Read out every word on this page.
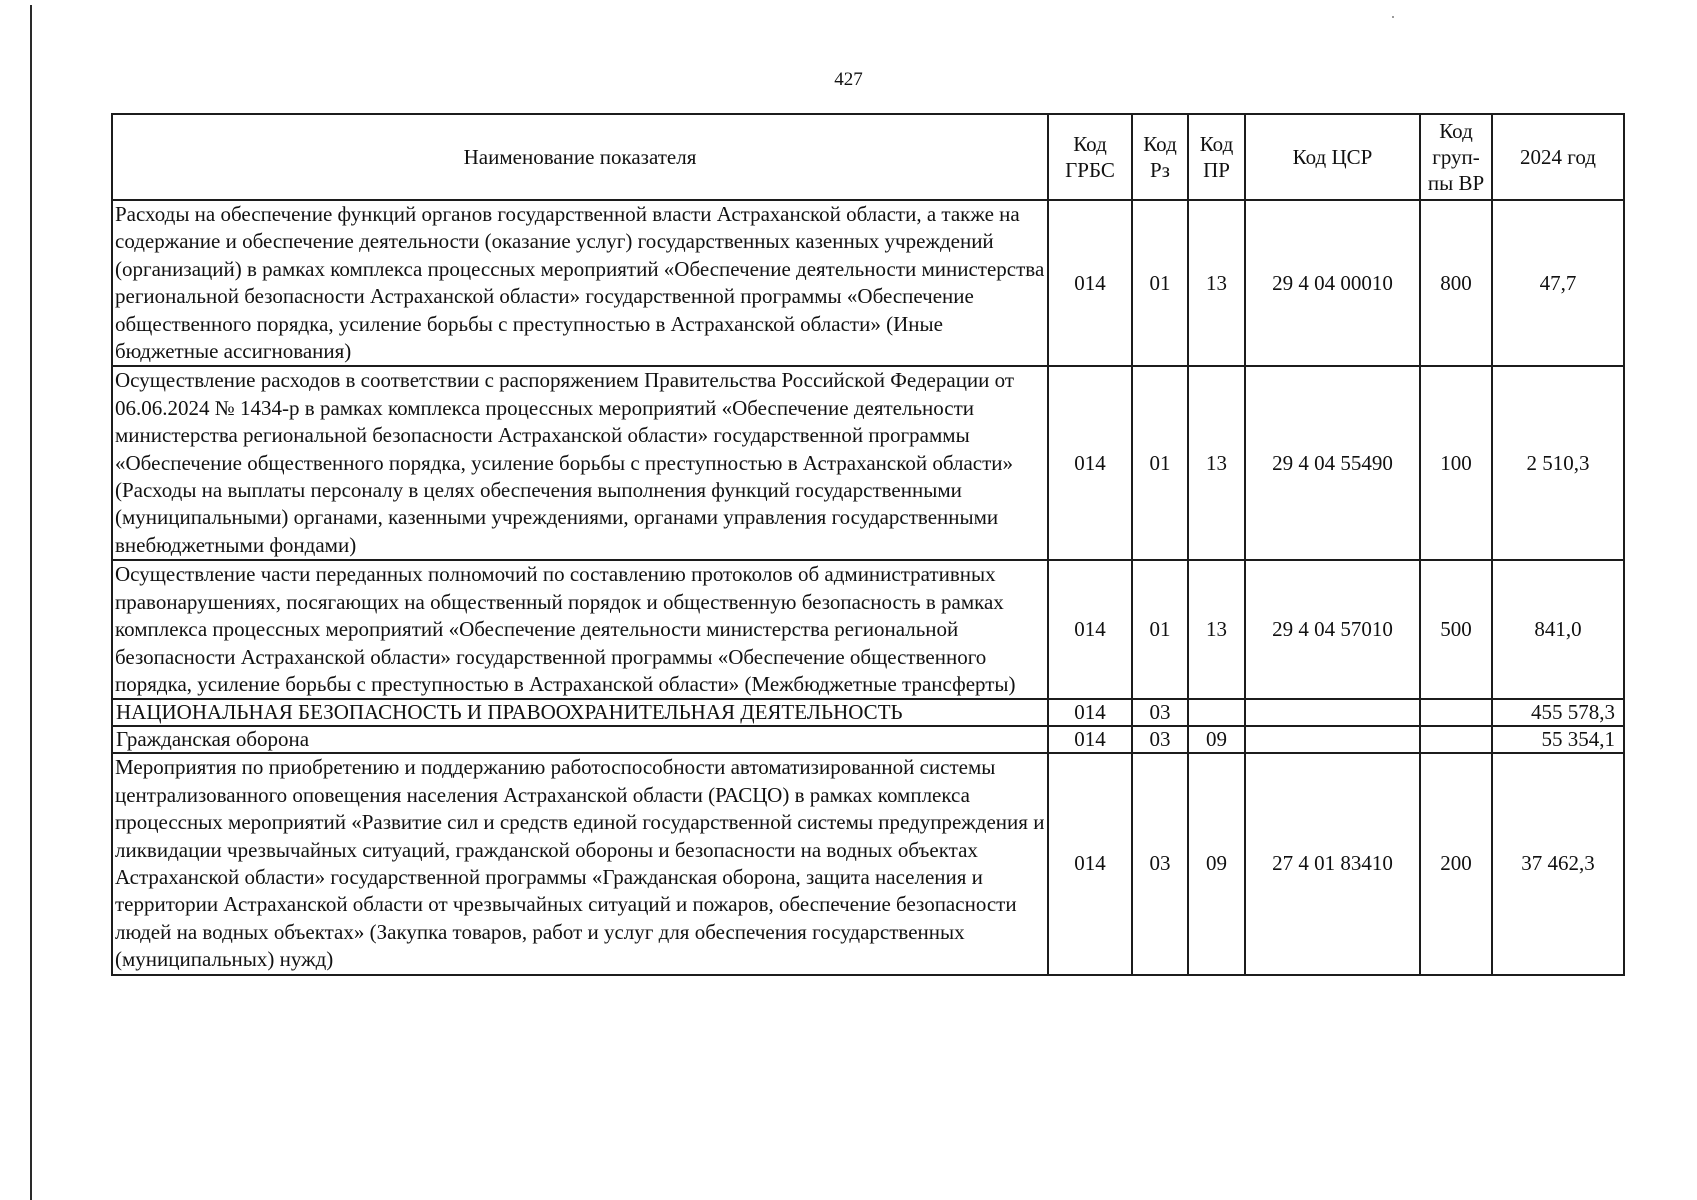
427
Наименование показателя	Код ГРБС	Код Рз	Код ПР	Код ЦСР	Код груп- пы ВР	2024 год
Расходы на обеспечение функций органов государственной власти Астраханской области, а также на содержание и обеспечение деятельности (оказание услуг) государственных казенных учреждений (организаций) в рамках комплекса процессных мероприятий «Обеспечение деятельности министерства региональной безопасности Астраханской области» государственной программы «Обеспечение общественного порядка, усиление борьбы с преступностью в Астраханской области» (Иные бюджетные ассигнования)	014	01	13	29 4 04 00010	800	47,7
Осуществление расходов в соответствии с распоряжением Правительства Российской Федерации от 06.06.2024 № 1434-р в рамках комплекса процессных мероприятий «Обеспечение деятельности министерства региональной безопасности Астраханской области» государственной программы «Обеспечение общественного порядка, усиление борьбы с преступностью в Астраханской области» (Расходы на выплаты персоналу в целях обеспечения выполнения функций государственными (муниципальными) органами, казенными учреждениями, органами управления государственными внебюджетными фондами)	014	01	13	29 4 04 55490	100	2 510,3
Осуществление части переданных полномочий по составлению протоколов об административных правонарушениях, посягающих на общественный порядок и общественную безопасность в рамках комплекса процессных мероприятий «Обеспечение деятельности министерства региональной безопасности Астраханской области» государственной программы «Обеспечение общественного порядка, усиление борьбы с преступностью в Астраханской области» (Межбюджетные трансферты)	014	01	13	29 4 04 57010	500	841,0
НАЦИОНАЛЬНАЯ БЕЗОПАСНОСТЬ И ПРАВООХРАНИТЕЛЬНАЯ ДЕЯТЕЛЬНОСТЬ	014	03				455 578,3
Гражданская оборона	014	03	09			55 354,1
Мероприятия по приобретению и поддержанию работоспособности автоматизированной системы централизованного оповещения населения Астраханской области (РАСЦО) в рамках комплекса процессных мероприятий «Развитие сил и средств единой государственной системы предупреждения и ликвидации чрезвычайных ситуаций, гражданской обороны и безопасности на водных объектах Астраханской области» государственной программы «Гражданская оборона, защита населения и территории Астраханской области от чрезвычайных ситуаций и пожаров, обеспечение безопасности людей на водных объектах» (Закупка товаров, работ и услуг для обеспечения государственных (муниципальных) нужд)	014	03	09	27 4 01 83410	200	37 462,3
